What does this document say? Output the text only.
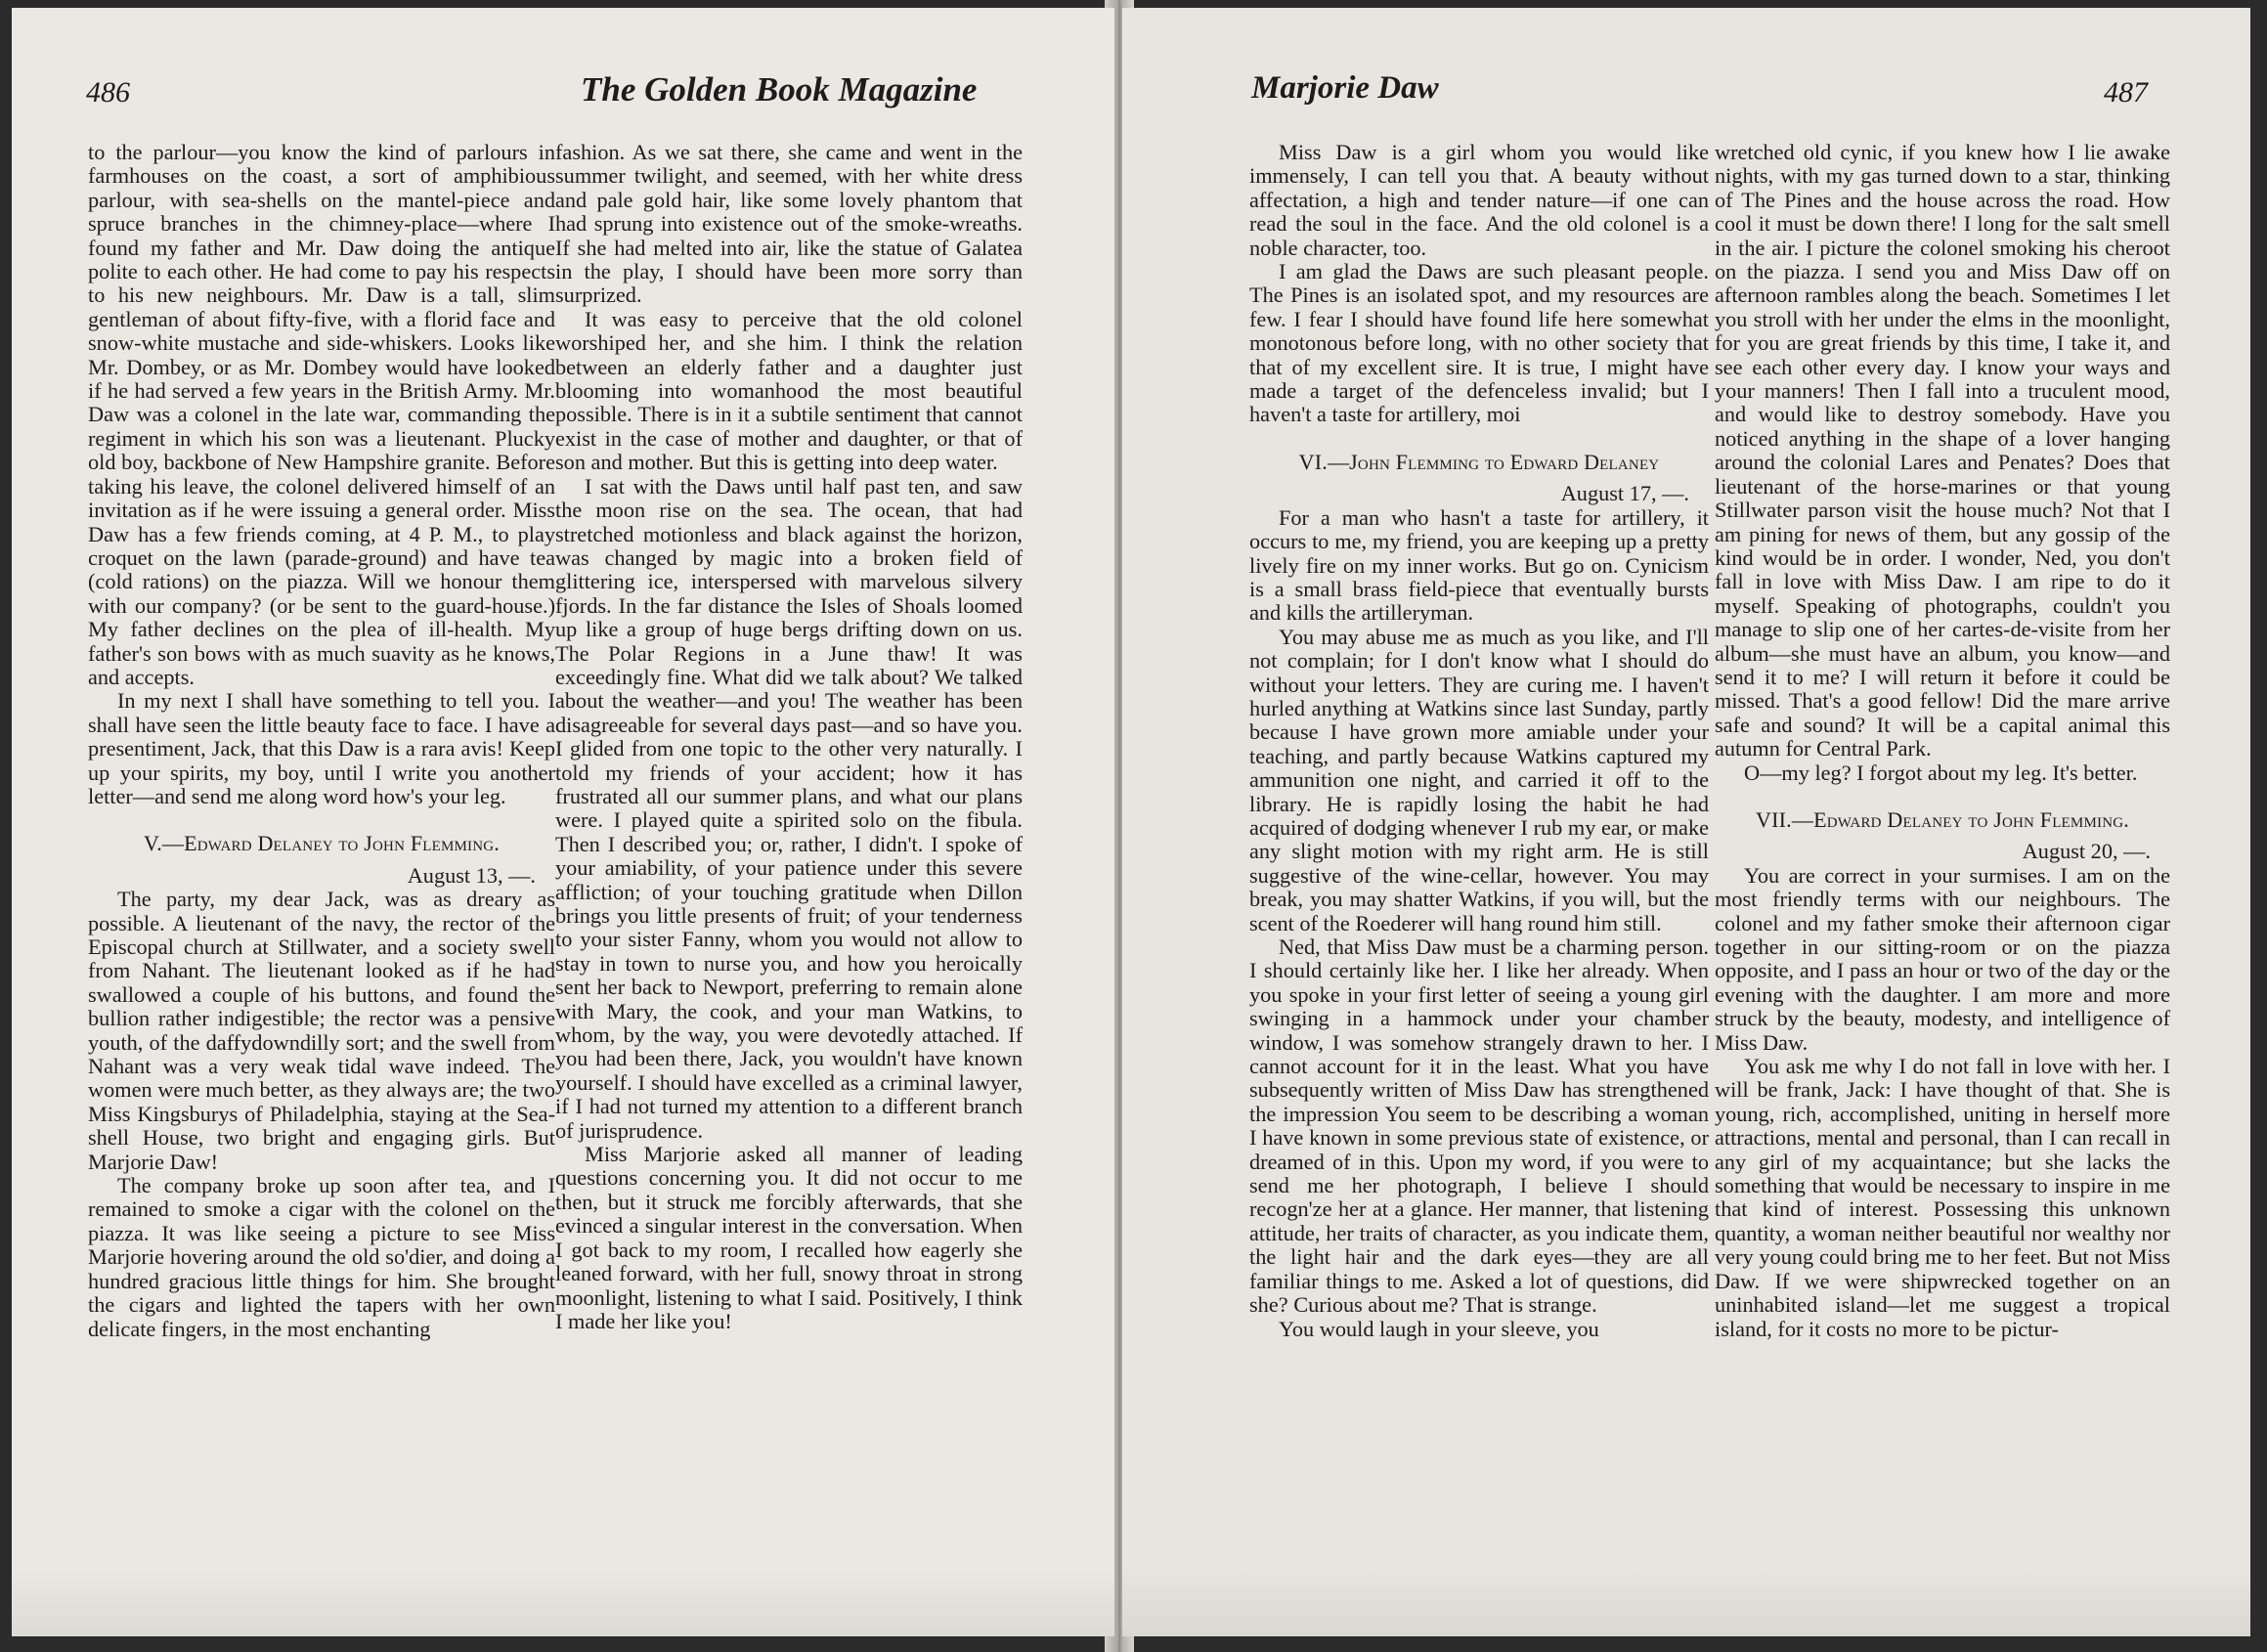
486	The Golden Book Magazine

to the parlour—you know the kind of parlours in farmhouses on the coast, a sort of amphibious parlour, with sea-shells on the mantel-piece and spruce branches in the chimney-place—where I found my father and Mr. Daw doing the antique polite to each other. He had come to pay his respects to his new neighbours. Mr. Daw is a tall, slim gentleman of about fifty-five, with a florid face and snow-white mustache and side-whiskers. Looks like Mr. Dombey, or as Mr. Dombey would have looked if he had served a few years in the British Army. Mr. Daw was a colonel in the late war, commanding the regiment in which his son was a lieutenant. Plucky old boy, backbone of New Hampshire granite. Before taking his leave, the colonel delivered himself of an invitation as if he were issuing a general order. Miss Daw has a few friends coming, at 4 P. M., to play croquet on the lawn (parade-ground) and have tea (cold rations) on the piazza. Will we honour them with our company? (or be sent to the guard-house.) My father declines on the plea of ill-health. My father's son bows with as much suavity as he knows, and accepts.

In my next I shall have something to tell you. I shall have seen the little beauty face to face. I have a presentiment, Jack, that this Daw is a rara avis! Keep up your spirits, my boy, until I write you another letter—and send me along word how's your leg.

V.—Edward Delaney to John Flemming.

August 13, —.

The party, my dear Jack, was as dreary as possible. A lieutenant of the navy, the rector of the Episcopal church at Stillwater, and a society swell from Nahant. The lieutenant looked as if he had swallowed a couple of his buttons, and found the bullion rather indigestible; the rector was a pensive youth, of the daffydowndilly sort; and the swell from Nahant was a very weak tidal wave indeed. The women were much better, as they always are; the two Miss Kingsburys of Philadelphia, staying at the Sea-shell House, two bright and engaging girls. But Marjorie Daw!

The company broke up soon after tea, and I remained to smoke a cigar with the colonel on the piazza. It was like seeing a picture to see Miss Marjorie hovering around the old so'dier, and doing a hundred gracious little things for him. She brought the cigars and lighted the tapers with her own delicate fingers, in the most enchanting

fashion. As we sat there, she came and went in the summer twilight, and seemed, with her white dress and pale gold hair, like some lovely phantom that had sprung into existence out of the smoke-wreaths. If she had melted into air, like the statue of Galatea in the play, I should have been more sorry than surprized.

It was easy to perceive that the old colonel worshiped her, and she him. I think the relation between an elderly father and a daughter just blooming into womanhood the most beautiful possible. There is in it a subtile sentiment that cannot exist in the case of mother and daughter, or that of son and mother. But this is getting into deep water.

I sat with the Daws until half past ten, and saw the moon rise on the sea. The ocean, that had stretched motionless and black against the horizon, was changed by magic into a broken field of glittering ice, interspersed with marvelous silvery fjords. In the far distance the Isles of Shoals loomed up like a group of huge bergs drifting down on us. The Polar Regions in a June thaw! It was exceedingly fine. What did we talk about? We talked about the weather—and you! The weather has been disagreeable for several days past—and so have you. I glided from one topic to the other very naturally. I told my friends of your accident; how it has frustrated all our summer plans, and what our plans were. I played quite a spirited solo on the fibula. Then I described you; or, rather, I didn't. I spoke of your amiability, of your patience under this severe affliction; of your touching gratitude when Dillon brings you little presents of fruit; of your tenderness to your sister Fanny, whom you would not allow to stay in town to nurse you, and how you heroically sent her back to Newport, preferring to remain alone with Mary, the cook, and your man Watkins, to whom, by the way, you were devotedly attached. If you had been there, Jack, you wouldn't have known yourself. I should have excelled as a criminal lawyer, if I had not turned my attention to a different branch of jurisprudence.

Miss Marjorie asked all manner of leading questions concerning you. It did not occur to me then, but it struck me forcibly afterwards, that she evinced a singular interest in the conversation. When I got back to my room, I recalled how eagerly she leaned forward, with her full, snowy throat in strong moonlight, listening to what I said. Positively, I think I made her like you!

Marjorie Daw	487

Miss Daw is a girl whom you would like immensely, I can tell you that. A beauty without affectation, a high and tender nature—if one can read the soul in the face. And the old colonel is a noble character, too.

I am glad the Daws are such pleasant people. The Pines is an isolated spot, and my resources are few. I fear I should have found life here somewhat monotonous before long, with no other society that that of my excellent sire. It is true, I might have made a target of the defenceless invalid; but I haven't a taste for artillery, moi

VI.—John Flemming to Edward Delaney

August 17, —.

For a man who hasn't a taste for artillery, it occurs to me, my friend, you are keeping up a pretty lively fire on my inner works. But go on. Cynicism is a small brass field-piece that eventually bursts and kills the artilleryman.

You may abuse me as much as you like, and I'll not complain; for I don't know what I should do without your letters. They are curing me. I haven't hurled anything at Watkins since last Sunday, partly because I have grown more amiable under your teaching, and partly because Watkins captured my ammunition one night, and carried it off to the library. He is rapidly losing the habit he had acquired of dodging whenever I rub my ear, or make any slight motion with my right arm. He is still suggestive of the wine-cellar, however. You may break, you may shatter Watkins, if you will, but the scent of the Roederer will hang round him still.

Ned, that Miss Daw must be a charming person. I should certainly like her. I like her already. When you spoke in your first letter of seeing a young girl swinging in a hammock under your chamber window, I was somehow strangely drawn to her. I cannot account for it in the least. What you have subsequently written of Miss Daw has strengthened the impression You seem to be describing a woman I have known in some previous state of existence, or dreamed of in this. Upon my word, if you were to send me her photograph, I believe I should recogn'ze her at a glance. Her manner, that listening attitude, her traits of character, as you indicate them, the light hair and the dark eyes—they are all familiar things to me. Asked a lot of questions, did she? Curious about me? That is strange.

You would laugh in your sleeve, you

wretched old cynic, if you knew how I lie awake nights, with my gas turned down to a star, thinking of The Pines and the house across the road. How cool it must be down there! I long for the salt smell in the air. I picture the colonel smoking his cheroot on the piazza. I send you and Miss Daw off on afternoon rambles along the beach. Sometimes I let you stroll with her under the elms in the moonlight, for you are great friends by this time, I take it, and see each other every day. I know your ways and your manners! Then I fall into a truculent mood, and would like to destroy somebody. Have you noticed anything in the shape of a lover hanging around the colonial Lares and Penates? Does that lieutenant of the horse-marines or that young Stillwater parson visit the house much? Not that I am pining for news of them, but any gossip of the kind would be in order. I wonder, Ned, you don't fall in love with Miss Daw. I am ripe to do it myself. Speaking of photographs, couldn't you manage to slip one of her cartes-de-visite from her album—she must have an album, you know—and send it to me? I will return it before it could be missed. That's a good fellow! Did the mare arrive safe and sound? It will be a capital animal this autumn for Central Park.

O—my leg? I forgot about my leg. It's better.

VII.—Edward Delaney to John Flemming.

August 20, —.

You are correct in your surmises. I am on the most friendly terms with our neighbours. The colonel and my father smoke their afternoon cigar together in our sitting-room or on the piazza opposite, and I pass an hour or two of the day or the evening with the daughter. I am more and more struck by the beauty, modesty, and intelligence of Miss Daw.

You ask me why I do not fall in love with her. I will be frank, Jack: I have thought of that. She is young, rich, accomplished, uniting in herself more attractions, mental and personal, than I can recall in any girl of my acquaintance; but she lacks the something that would be necessary to inspire in me that kind of interest. Possessing this unknown quantity, a woman neither beautiful nor wealthy nor very young could bring me to her feet. But not Miss Daw. If we were shipwrecked together on an uninhabited island—let me suggest a tropical island, for it costs no more to be pictur-
